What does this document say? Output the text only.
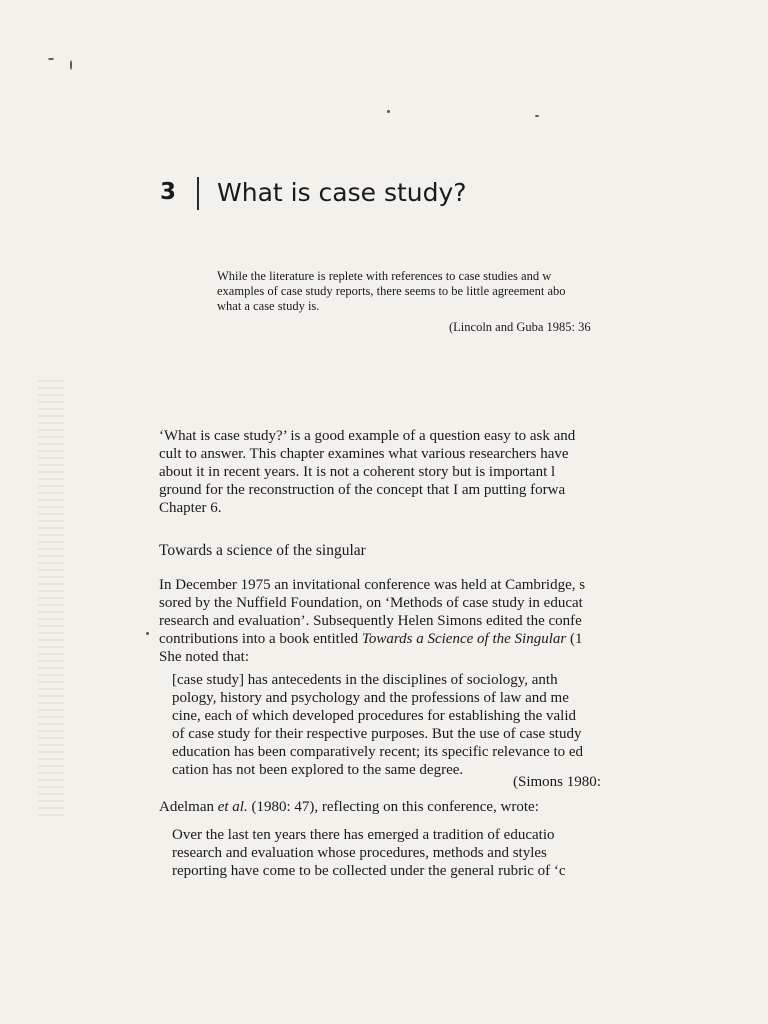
3 What is case study?
While the literature is replete with references to case studies and w
examples of case study reports, there seems to be little agreement abo
what a case study is.
(Lincoln and Guba 1985: 36
‘What is case study?’ is a good example of a question easy to ask and
cult to answer. This chapter examines what various researchers have
about it in recent years. It is not a coherent story but is important l
ground for the reconstruction of the concept that I am putting forwa
Chapter 6.
Towards a science of the singular
In December 1975 an invitational conference was held at Cambridge, s
sored by the Nuffield Foundation, on ‘Methods of case study in educat
research and evaluation’. Subsequently Helen Simons edited the confe
contributions into a book entitled Towards a Science of the Singular (1
She noted that:
[case study] has antecedents in the disciplines of sociology, anth
pology, history and psychology and the professions of law and me
cine, each of which developed procedures for establishing the valid
of case study for their respective purposes. But the use of case study
education has been comparatively recent; its specific relevance to ed
cation has not been explored to the same degree.
(Simons 1980:
Adelman et al. (1980: 47), reflecting on this conference, wrote:
Over the last ten years there has emerged a tradition of educatio
research and evaluation whose procedures, methods and styles
reporting have come to be collected under the general rubric of ‘c
